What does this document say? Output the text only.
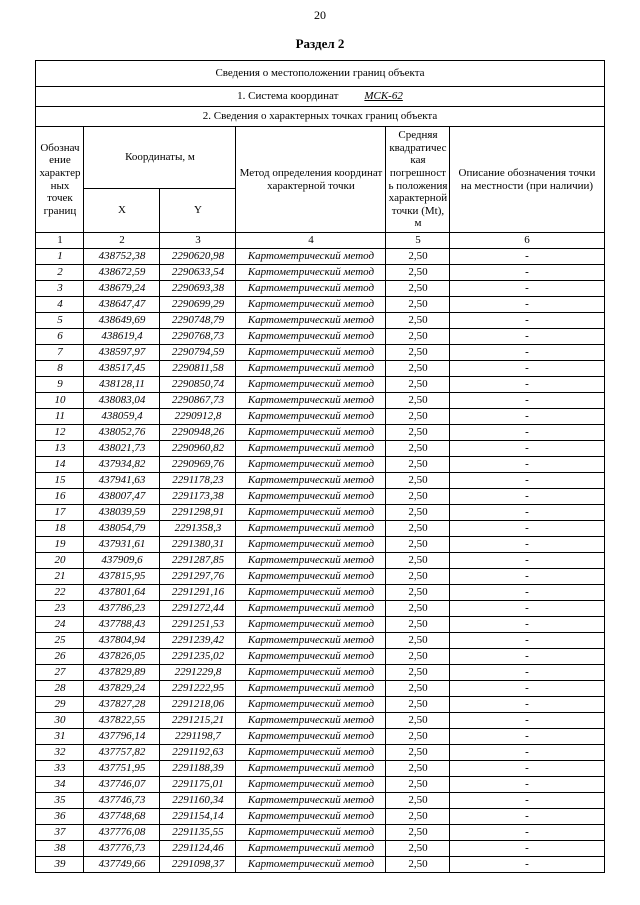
20
Раздел 2
Сведения о местоположении границ объекта					
1. Система координат МСК-62					
2. Сведения о характерных точках границ объекта					
Обозначение характерных точек границ	Координаты, м		Метод определения координат характерной точки	Средняя квадратическая погрешность положения характерной точки (Мt), м	Описание обозначения точки на местности (при наличии)
	X	Y			
1	2	3	4	5	6
1	438752,38	2290620,98	Картометрический метод	2,50	-
2	438672,59	2290633,54	Картометрический метод	2,50	-
3	438679,24	2290693,38	Картометрический метод	2,50	-
4	438647,47	2290699,29	Картометрический метод	2,50	-
5	438649,69	2290748,79	Картометрический метод	2,50	-
6	438619,4	2290768,73	Картометрический метод	2,50	-
7	438597,97	2290794,59	Картометрический метод	2,50	-
8	438517,45	2290811,58	Картометрический метод	2,50	-
9	438128,11	2290850,74	Картометрический метод	2,50	-
10	438083,04	2290867,73	Картометрический метод	2,50	-
11	438059,4	2290912,8	Картометрический метод	2,50	-
12	438052,76	2290948,26	Картометрический метод	2,50	-
13	438021,73	2290960,82	Картометрический метод	2,50	-
14	437934,82	2290969,76	Картометрический метод	2,50	-
15	437941,63	2291178,23	Картометрический метод	2,50	-
16	438007,47	2291173,38	Картометрический метод	2,50	-
17	438039,59	2291298,91	Картометрический метод	2,50	-
18	438054,79	2291358,3	Картометрический метод	2,50	-
19	437931,61	2291380,31	Картометрический метод	2,50	-
20	437909,6	2291287,85	Картометрический метод	2,50	-
21	437815,95	2291297,76	Картометрический метод	2,50	-
22	437801,64	2291291,16	Картометрический метод	2,50	-
23	437786,23	2291272,44	Картометрический метод	2,50	-
24	437788,43	2291251,53	Картометрический метод	2,50	-
25	437804,94	2291239,42	Картометрический метод	2,50	-
26	437826,05	2291235,02	Картометрический метод	2,50	-
27	437829,89	2291229,8	Картометрический метод	2,50	-
28	437829,24	2291222,95	Картометрический метод	2,50	-
29	437827,28	2291218,06	Картометрический метод	2,50	-
30	437822,55	2291215,21	Картометрический метод	2,50	-
31	437796,14	2291198,7	Картометрический метод	2,50	-
32	437757,82	2291192,63	Картометрический метод	2,50	-
33	437751,95	2291188,39	Картометрический метод	2,50	-
34	437746,07	2291175,01	Картометрический метод	2,50	-
35	437746,73	2291160,34	Картометрический метод	2,50	-
36	437748,68	2291154,14	Картометрический метод	2,50	-
37	437776,08	2291135,55	Картометрический метод	2,50	-
38	437776,73	2291124,46	Картометрический метод	2,50	-
39	437749,66	2291098,37	Картометрический метод	2,50	-
